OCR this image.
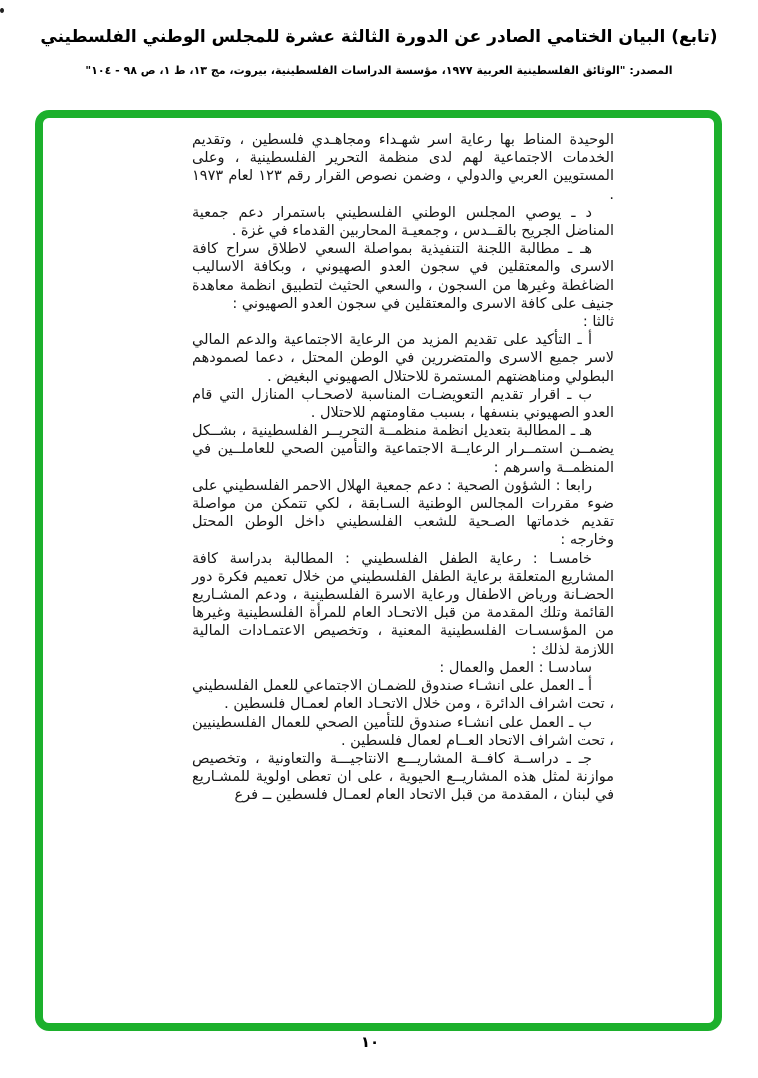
(تابع) البيان الختامي الصادر عن الدورة الثالثة عشرة للمجلس الوطني الفلسطيني
المصدر: "الوثائق الفلسطينية العربية ١٩٧٧، مؤسسة الدراسات الفلسطينية، بيروت، مج ١٣، ط ١، ص ٩٨ - ١٠٤"

الوحيدة المناط بها رعاية اسر شهـداء ومجاهـدي فلسطين ، وتقديم الخدمات الاجتماعية لهم لدى منظمة التحرير الفلسطينية ، وعلى المستويين العربي والدولي ، وضمن نصوص القرار رقم ١٢٣ لعام ١٩٧٣ .

د ـ يوصي المجلس الوطني الفلسطيني باستمرار دعم جمعية المناضل الجريح بالقــدس ، وجمعيـة المحاربين القدماء في غزة .

هـ ـ مطالبة اللجنة التنفيذية بمواصلة السعي لاطلاق سراح كافة الاسرى والمعتقلين في سجون العدو الصهيوني ، وبكافة الاساليب الضاغطة وغيرها من السجون ، والسعي الحثيث لتطبيق انظمة معاهدة جنيف على كافة الاسرى والمعتقلين في سجون العدو الصهيوني :

ثالثا :

أ ـ التأكيد على تقديم المزيد من الرعاية الاجتماعية والدعم المالي لاسر جميع الاسرى والمتضررين في الوطن المحتل ، دعما لصمودهم البطولي ومناهضتهم المستمرة للاحتلال الصهيوني البغيض .

ب ـ اقرار تقديم التعويضـات المناسبة لاصحـاب المنازل التي قام العدو الصهيوني بنسفها ، بسبب مقاومتهم للاحتلال .

هـ ـ المطالبة بتعديل انظمة منظمــة التحريــر الفلسطينية ، بشــكل يضمــن استمــرار الرعايــة الاجتماعية والتأمين الصحي للعاملــين في المنظمــة واسرهم :

رابعا : الشؤون الصحية : دعم جمعية الهلال الاحمر الفلسطيني على ضوء مقررات المجالس الوطنية السـابقة ، لكي تتمكن من مواصلة تقديم خدماتها الصـحية للشعب الفلسطيني داخل الوطن المحتل وخارجه :

خامسـا : رعاية الطفل الفلسطيني : المطالبة بدراسة كافة المشاريع المتعلقة برعاية الطفل الفلسطيني من خلال تعميم فكرة دور الحضـانة ورياض الاطفال ورعاية الاسرة الفلسطينية ، ودعم المشـاريع القائمة وتلك المقدمة من قبل الاتحـاد العام للمرأة الفلسطينية وغيرها من المؤسسـات الفلسطينية المعنية ، وتخصيص الاعتمـادات المالية اللازمة لذلك :

سادسـا : العمل والعمال :

أ ـ العمل على انشـاء صندوق للضمـان الاجتماعي للعمل الفلسطيني ، تحت اشراف الدائرة ، ومن خلال الاتحـاد العام لعمـال فلسطين .

ب ـ العمل على انشـاء صندوق للتأمين الصحي للعمال الفلسطينيين ، تحت اشراف الاتحاد العــام لعمال فلسطين .

جـ ـ دراســة كافــة المشاريـــع الانتاجيـــة والتعاونية ، وتخصيص موازنة لمثل هذه المشاريــع الحيوية ، على ان تعطى اولوية للمشـاريع في لبنان ، المقدمة من قبل الاتحاد العام لعمـال فلسطين ــ فرع

١٠
